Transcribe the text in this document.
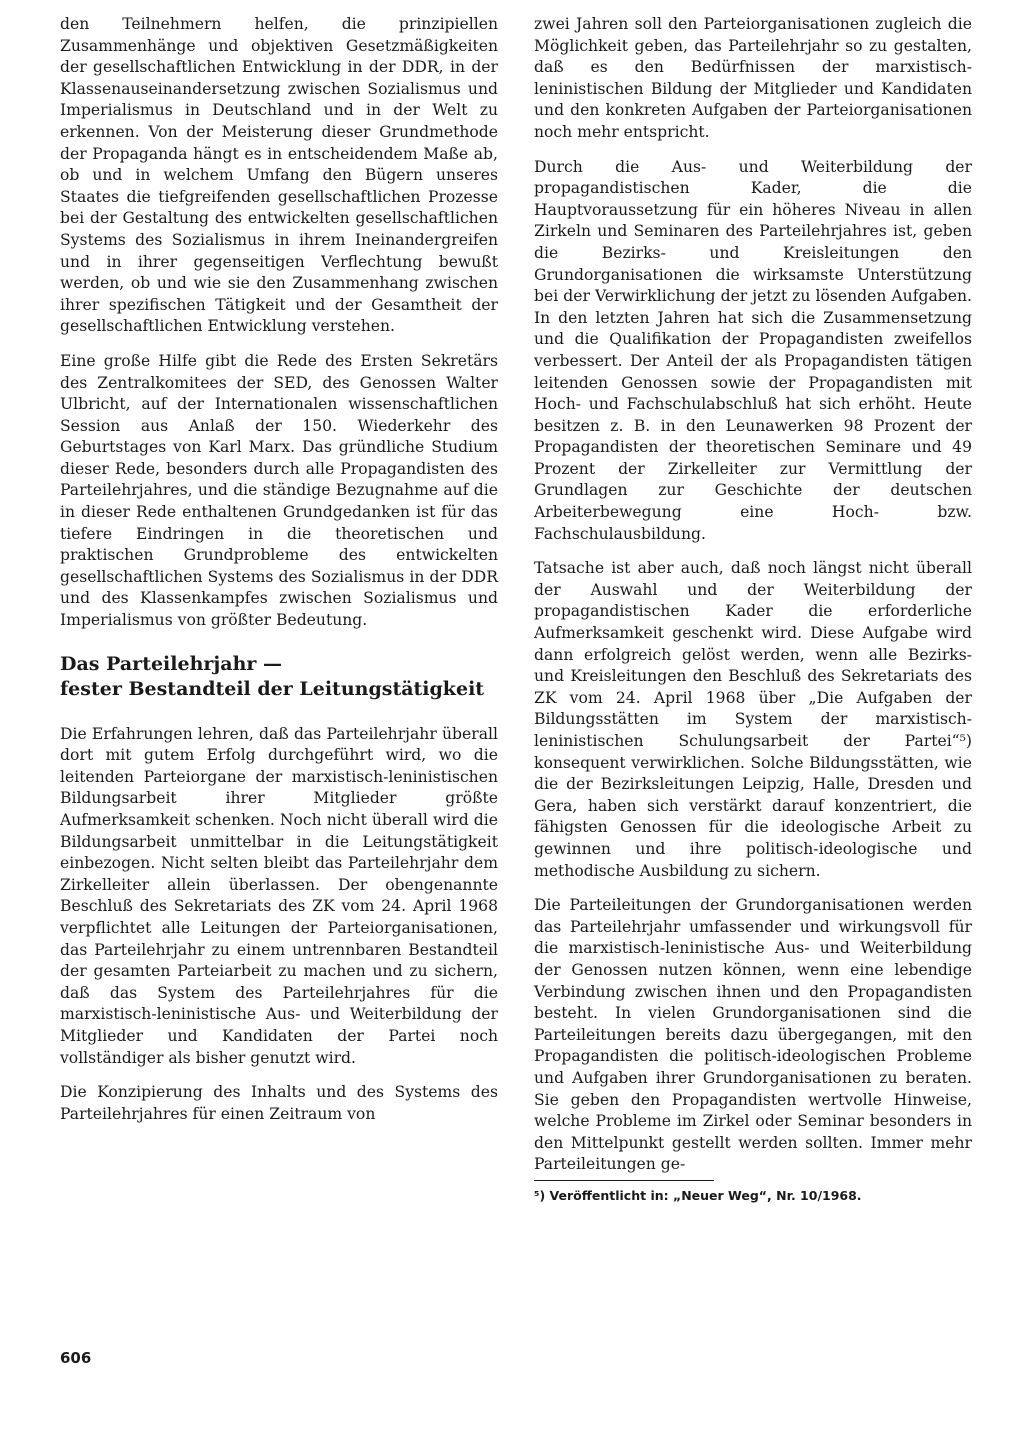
den Teilnehmern helfen, die prinzipiellen Zusammenhänge und objektiven Gesetzmäßigkeiten der gesellschaftlichen Entwicklung in der DDR, in der Klassenauseinandersetzung zwischen Sozialismus und Imperialismus in Deutschland und in der Welt zu erkennen. Von der Meisterung dieser Grundmethode der Propaganda hängt es in entscheidendem Maße ab, ob und in welchem Umfang den Bügern unseres Staates die tiefgreifenden gesellschaftlichen Prozesse bei der Gestaltung des entwickelten gesellschaftlichen Systems des Sozialismus in ihrem Ineinandergreifen und in ihrer gegenseitigen Verflechtung bewußt werden, ob und wie sie den Zusammenhang zwischen ihrer spezifischen Tätigkeit und der Gesamtheit der gesellschaftlichen Entwicklung verstehen.

Eine große Hilfe gibt die Rede des Ersten Sekretärs des Zentralkomitees der SED, des Genossen Walter Ulbricht, auf der Internationalen wissenschaftlichen Session aus Anlaß der 150. Wiederkehr des Geburtstages von Karl Marx. Das gründliche Studium dieser Rede, besonders durch alle Propagandisten des Parteilehrjahres, und die ständige Bezugnahme auf die in dieser Rede enthaltenen Grundgedanken ist für das tiefere Eindringen in die theoretischen und praktischen Grundprobleme des entwickelten gesellschaftlichen Systems des Sozialismus in der DDR und des Klassenkampfes zwischen Sozialismus und Imperialismus von größter Bedeutung.

Das Parteilehrjahr —
fester Bestandteil der Leitungstätigkeit

Die Erfahrungen lehren, daß das Parteilehrjahr überall dort mit gutem Erfolg durchgeführt wird, wo die leitenden Parteiorgane der marxistisch-leninistischen Bildungsarbeit ihrer Mitglieder größte Aufmerksamkeit schenken. Noch nicht überall wird die Bildungsarbeit unmittelbar in die Leitungstätigkeit einbezogen. Nicht selten bleibt das Parteilehrjahr dem Zirkelleiter allein überlassen. Der obengenannte Beschluß des Sekretariats des ZK vom 24. April 1968 verpflichtet alle Leitungen der Parteiorganisationen, das Parteilehrjahr zu einem untrennbaren Bestandteil der gesamten Parteiarbeit zu machen und zu sichern, daß das System des Parteilehrjahres für die marxistisch-leninistische Aus- und Weiterbildung der Mitglieder und Kandidaten der Partei noch vollständiger als bisher genutzt wird.

Die Konzipierung des Inhalts und des Systems des Parteilehrjahres für einen Zeitraum von

zwei Jahren soll den Parteiorganisationen zugleich die Möglichkeit geben, das Parteilehrjahr so zu gestalten, daß es den Bedürfnissen der marxistisch-leninistischen Bildung der Mitglieder und Kandidaten und den konkreten Aufgaben der Parteiorganisationen noch mehr entspricht.

Durch die Aus- und Weiterbildung der propagandistischen Kader, die die Hauptvoraussetzung für ein höheres Niveau in allen Zirkeln und Seminaren des Parteilehrjahres ist, geben die Bezirks- und Kreisleitungen den Grundorganisationen die wirksamste Unterstützung bei der Verwirklichung der jetzt zu lösenden Aufgaben. In den letzten Jahren hat sich die Zusammensetzung und die Qualifikation der Propagandisten zweifellos verbessert. Der Anteil der als Propagandisten tätigen leitenden Genossen sowie der Propagandisten mit Hoch- und Fachschulabschluß hat sich erhöht. Heute besitzen z. B. in den Leunawerken 98 Prozent der Propagandisten der theoretischen Seminare und 49 Prozent der Zirkelleiter zur Vermittlung der Grundlagen zur Geschichte der deutschen Arbeiterbewegung eine Hoch- bzw. Fachschulausbildung.

Tatsache ist aber auch, daß noch längst nicht überall der Auswahl und der Weiterbildung der propagandistischen Kader die erforderliche Aufmerksamkeit geschenkt wird. Diese Aufgabe wird dann erfolgreich gelöst werden, wenn alle Bezirks- und Kreisleitungen den Beschluß des Sekretariats des ZK vom 24. April 1968 über „Die Aufgaben der Bildungsstätten im System der marxistisch-leninistischen Schulungsarbeit der Partei“⁵) konsequent verwirklichen. Solche Bildungsstätten, wie die der Bezirksleitungen Leipzig, Halle, Dresden und Gera, haben sich verstärkt darauf konzentriert, die fähigsten Genossen für die ideologische Arbeit zu gewinnen und ihre politisch-ideologische und methodische Ausbildung zu sichern.

Die Parteileitungen der Grundorganisationen werden das Parteilehrjahr umfassender und wirkungsvoll für die marxistisch-leninistische Aus- und Weiterbildung der Genossen nutzen können, wenn eine lebendige Verbindung zwischen ihnen und den Propagandisten besteht. In vielen Grundorganisationen sind die Parteileitungen bereits dazu übergegangen, mit den Propagandisten die politisch-ideologischen Probleme und Aufgaben ihrer Grundorganisationen zu beraten. Sie geben den Propagandisten wertvolle Hinweise, welche Probleme im Zirkel oder Seminar besonders in den Mittelpunkt gestellt werden sollten. Immer mehr Parteileitungen ge-

⁵) Veröffentlicht in: „Neuer Weg“, Nr. 10/1968.

606
